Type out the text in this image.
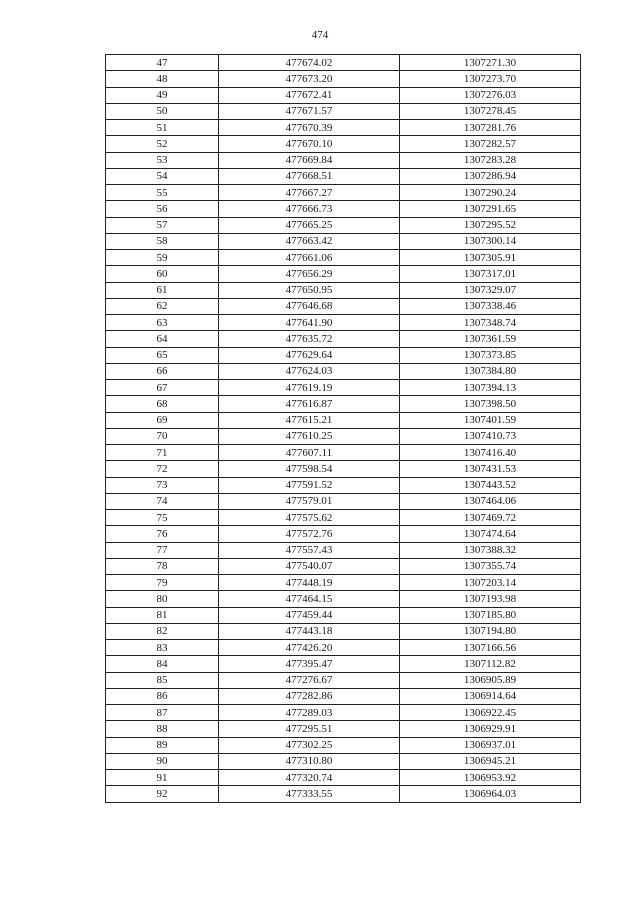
474
47	477674.02	1307271.30
48	477673.20	1307273.70
49	477672.41	1307276.03
50	477671.57	1307278.45
51	477670.39	1307281.76
52	477670.10	1307282.57
53	477669.84	1307283.28
54	477668.51	1307286.94
55	477667.27	1307290.24
56	477666.73	1307291.65
57	477665.25	1307295.52
58	477663.42	1307300.14
59	477661.06	1307305.91
60	477656.29	1307317.01
61	477650.95	1307329.07
62	477646.68	1307338.46
63	477641.90	1307348.74
64	477635.72	1307361.59
65	477629.64	1307373.85
66	477624.03	1307384.80
67	477619.19	1307394.13
68	477616.87	1307398.50
69	477615.21	1307401.59
70	477610.25	1307410.73
71	477607.11	1307416.40
72	477598.54	1307431.53
73	477591.52	1307443.52
74	477579.01	1307464.06
75	477575.62	1307469.72
76	477572.76	1307474.64
77	477557.43	1307388.32
78	477540.07	1307355.74
79	477448.19	1307203.14
80	477464.15	1307193.98
81	477459.44	1307185.80
82	477443.18	1307194.80
83	477426.20	1307166.56
84	477395.47	1307112.82
85	477276.67	1306905.89
86	477282.86	1306914.64
87	477289.03	1306922.45
88	477295.51	1306929.91
89	477302.25	1306937.01
90	477310.80	1306945.21
91	477320.74	1306953.92
92	477333.55	1306964.03
